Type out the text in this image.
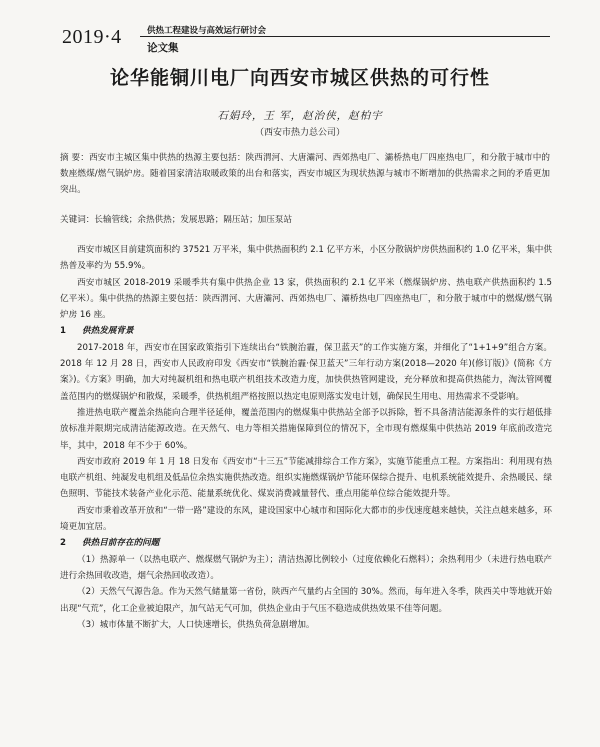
2019·4	供热工程建设与高效运行研讨会
论文集
论华能铜川电厂向西安市城区供热的可行性
石娟玲，王 军，赵治侠，赵柏宇
（西安市热力总公司）
摘 要：西安市主城区集中供热的热源主要包括：陕西渭河、大唐灞河、西郊热电厂、灞桥热电厂四座热电厂，和分散于城市中的数座燃煤/燃气锅炉房。随着国家清洁取暖政策的出台和落实，西安市城区为现状热源与城市不断增加的供热需求之间的矛盾更加突出。
关键词：长输管线；余热供热；发展思路；隔压站；加压泵站

西安市城区目前建筑面积约 37521 万平米，集中供热面积约 2.1 亿平方米，小区分散锅炉房供热面积约 1.0 亿平米，集中供热普及率约为 55.9%。

西安市城区 2018-2019 采暖季共有集中供热企业 13 家，供热面积约 2.1 亿平米（燃煤锅炉房、热电联产供热面积约 1.5 亿平米）。集中供热的热源主要包括：陕西渭河、大唐灞河、西郊热电厂、灞桥热电厂四座热电厂，和分散于城市中的燃煤/燃气锅炉房 16 座。

1 供热发展背景

2017-2018 年，西安市在国家政策指引下连续出台“铁腕治霾，保卫蓝天”的工作实施方案，并细化了“1+1+9”组合方案。2018 年 12 月 28 日，西安市人民政府印发《西安市“铁腕治霾·保卫蓝天”三年行动方案(2018—2020 年)(修订版)》(简称《方案》)。《方案》明确，加大对纯凝机组和热电联产机组技术改造力度，加快供热管网建设，充分释放和提高供热能力，淘汰管网覆盖范围内的燃煤锅炉和散煤，采暖季，供热机组严格按照以热定电原则落实发电计划，确保民生用电、用热需求不受影响。

推进热电联产覆盖余热能向合理半径延伸，覆盖范围内的燃煤集中供热站全部予以拆除，暂不具备清洁能源条件的实行超低排放标准并限期完成清洁能源改造。在天然气、电力等相关措施保障到位的情况下，全市现有燃煤集中供热站 2019 年底前改造完毕，其中，2018 年不少于 60%。

西安市政府 2019 年 1 月 18 日发布《西安市“十三五”节能减排综合工作方案》，实施节能重点工程。方案指出：利用现有热电联产机组、纯凝发电机组及低品位余热实施供热改造。组织实施燃煤锅炉节能环保综合提升、电机系统能效提升、余热暖民、绿色照明、节能技术装备产业化示范、能量系统优化、煤炭消费减量替代、重点用能单位综合能效提升等。

西安市秉着改革开放和“一带一路”建设的东风，建设国家中心城市和国际化大都市的步伐速度越来越快，关注点越来越多，环境更加宜居。

2 供热目前存在的问题

（1）热源单一（以热电联产、燃煤燃气锅炉为主）；清洁热源比例较小（过度依赖化石燃料）；余热利用少（未进行热电联产进行余热回收改造，烟气余热回收改造）。

（2）天然气气源告急。作为天然气储量第一省份，陕西产气量约占全国的 30%。然而，每年进入冬季，陕西关中等地就开始出现“气荒”，化工企业被迫限产，加气站无气可加，供热企业由于气压不稳造成供热效果不佳等问题。

（3）城市体量不断扩大，人口快速增长，供热负荷急剧增加。
